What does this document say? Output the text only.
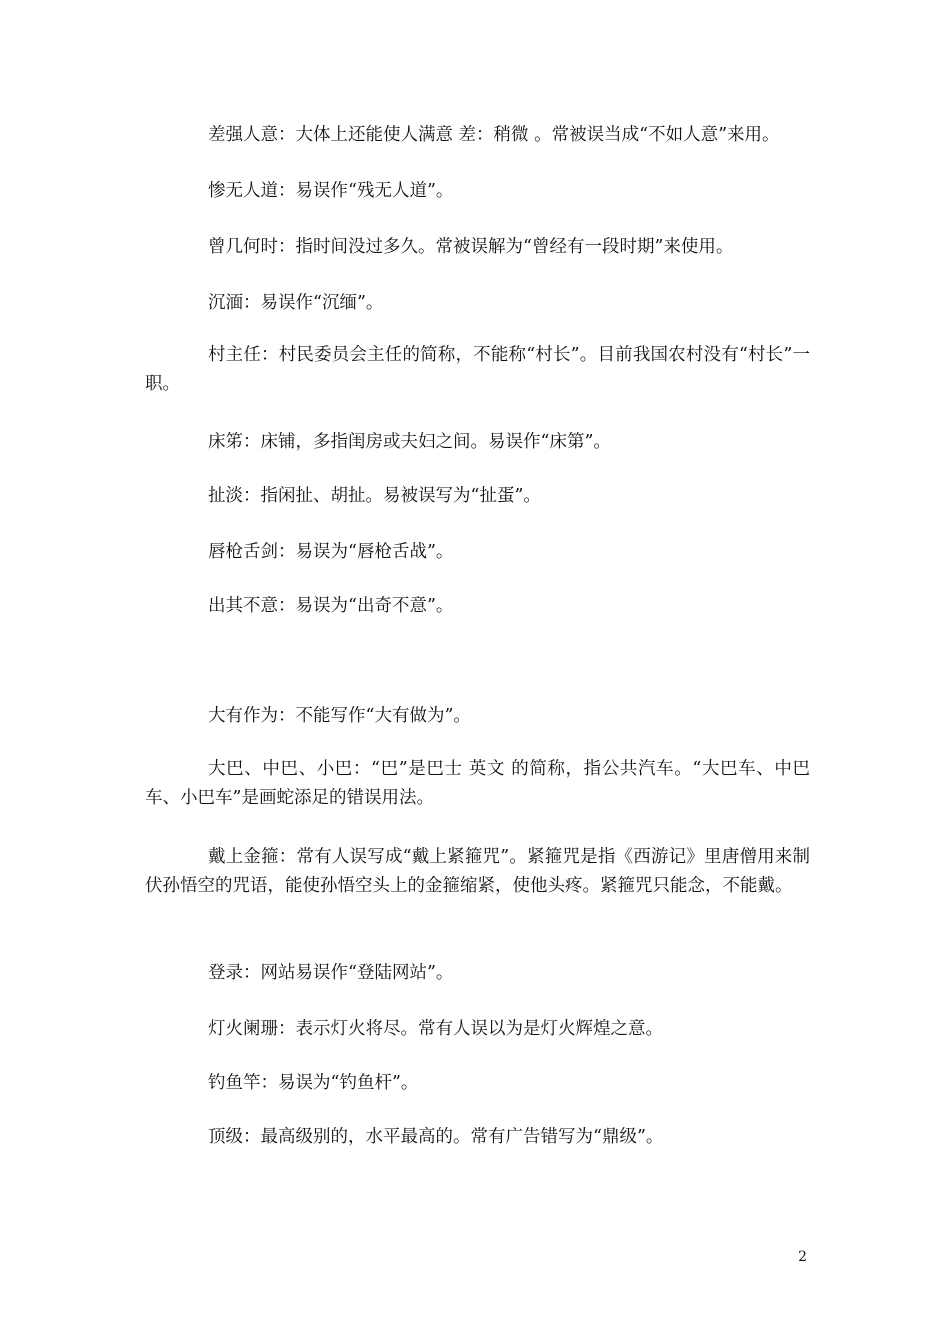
差强人意：大体上还能使人满意 差：稍微 。常被误当成“不如人意”来用。

惨无人道：易误作“残无人道”。

曾几何时：指时间没过多久。常被误解为“曾经有一段时期”来使用。

沉湎：易误作“沉缅”。

村主任：村民委员会主任的简称，不能称“村长”。目前我国农村没有“村长”一职。

床笫：床铺，多指闺房或夫妇之间。易误作“床第”。

扯淡：指闲扯、胡扯。易被误写为“扯蛋”。

唇枪舌剑：易误为“唇枪舌战”。

出其不意：易误为“出奇不意”。

大有作为：不能写作“大有做为”。

大巴、中巴、小巴：“巴”是巴士 英文 的简称，指公共汽车。“大巴车、中巴车、小巴车”是画蛇添足的错误用法。

戴上金箍：常有人误写成“戴上紧箍咒”。紧箍咒是指《西游记》里唐僧用来制伏孙悟空的咒语，能使孙悟空头上的金箍缩紧，使他头疼。紧箍咒只能念，不能戴。

登录：网站易误作“登陆网站”。

灯火阑珊：表示灯火将尽。常有人误以为是灯火辉煌之意。

钓鱼竿：易误为“钓鱼杆”。

顶级：最高级别的，水平最高的。常有广告错写为“鼎级”。

2
